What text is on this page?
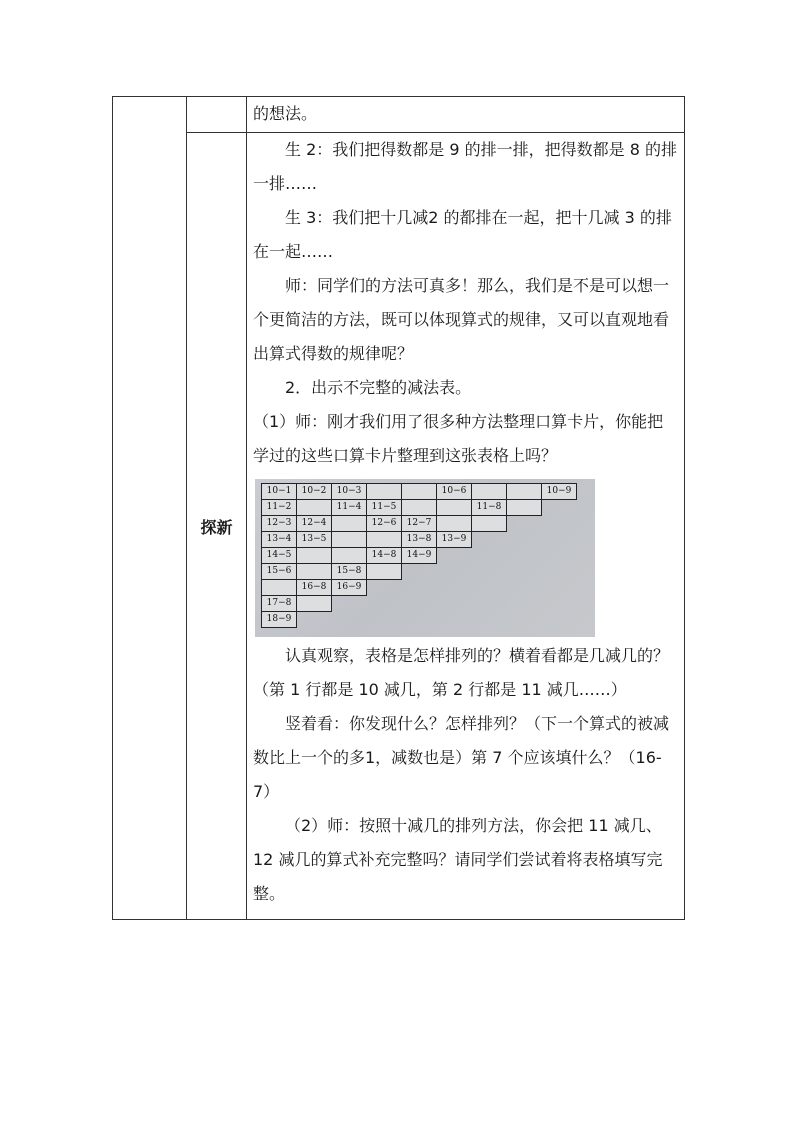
的想法。

探新	

生 2：我们把得数都是 9 的排一排，把得数都是 8 的排一排……

生 3：我们把十几减2 的都排在一起，把十几减 3 的排在一起……

师：同学们的方法可真多！那么，我们是不是可以想一个更简洁的方法，既可以体现算式的规律，又可以直观地看出算式得数的规律呢？

2．出示不完整的减法表。

（1）师：刚才我们用了很多种方法整理口算卡片，你能把学过的这些口算卡片整理到这张表格上吗？

10−1	10−2	10−3			10−6			10−9
11−2		11−4	11−5			11−8		
12−3	12−4		12−6	12−7				
13−4	13−5			13−8	13−9			
14−5			14−8	14−9				
15−6		15−8						
	16−8	16−9						
17−8								
18−9								

认真观察，表格是怎样排列的？横着看都是几减几的？（第 1 行都是 10 减几，第 2 行都是 11 减几……）

竖着看：你发现什么？怎样排列？（下一个算式的被减数比上一个的多1，减数也是）第 7 个应该填什么？（16-7）

（2）师：按照十减几的排列方法，你会把 11 减几、12 减几的算式补充完整吗？请同学们尝试着将表格填写完整。
